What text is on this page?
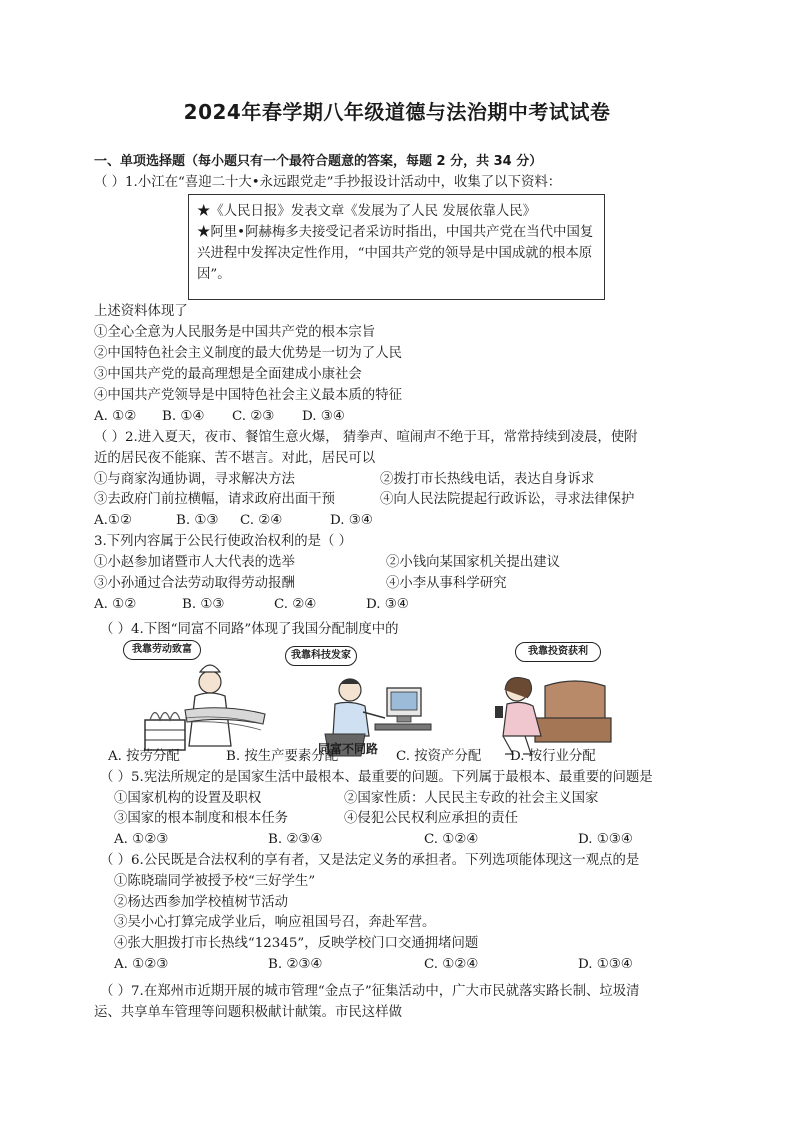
2024年春学期八年级道德与法治期中考试试卷
一、单项选择题（每小题只有一个最符合题意的答案，每题 2 分，共 34 分）
（ ）1.小江在“喜迎二十大•永远跟党走”手抄报设计活动中，收集了以下资料：
★《人民日报》发表文章《发展为了人民 发展依靠人民》
★阿里•阿赫梅多夫接受记者采访时指出，中国共产党在当代中国复兴进程中发挥决定性作用，“中国共产党的领导是中国成就的根本原因”。
上述资料体现了
①全心全意为人民服务是中国共产党的根本宗旨
②中国特色社会主义制度的最大优势是一切为了人民
③中国共产党的最高理想是全面建成小康社会
④中国共产党领导是中国特色社会主义最本质的特征
A. ①② B. ①④ C. ②③ D. ③④
（ ）2.进入夏天，夜市、餐馆生意火爆， 猜拳声、喧闹声不绝于耳，常常持续到凌晨，使附
近的居民夜不能寐、苦不堪言。对此，居民可以
①与商家沟通协调，寻求解决方法	②拨打市长热线电话，表达自身诉求
③去政府门前拉横幅，请求政府出面干预	④向人民法院提起行政诉讼，寻求法律保护
A.①②	B. ①③ C. ②④	D. ③④
3.下列内容属于公民行使政治权利的是（ ）
①小赵参加诸暨市人大代表的选举	②小钱向某国家机关提出建议
③小孙通过合法劳动取得劳动报酬	④小李从事科学研究
A. ①②	B. ①③	C. ②④	D. ③④
（ ）4.下图“同富不同路”体现了我国分配制度中的
我靠劳动致富
我靠科技发家	我靠投资获利
同富不同路
A. 按劳分配	B. 按生产要素分配	C. 按资产分配 D. 按行业分配
（ ）5.宪法所规定的是国家生活中最根本、最重要的问题。下列属于最根本、最重要的问题是
①国家机构的设置及职权	②国家性质：人民民主专政的社会主义国家
③国家的根本制度和根本任务	④侵犯公民权利应承担的责任
A. ①②③	B. ②③④	C. ①②④	D. ①③④
（ ）6.公民既是合法权利的享有者，又是法定义务的承担者。下列选项能体现这一观点的是
①陈晓瑞同学被授予校“三好学生”
②杨达西参加学校植树节活动
③吴小心打算完成学业后，响应祖国号召，奔赴军营。
④张大胆拨打市长热线“12345”，反映学校门口交通拥堵问题
A. ①②③	B. ②③④	C. ①②④	D. ①③④
（ ）7.在郑州市近期开展的城市管理“金点子”征集活动中，广大市民就落实路长制、垃圾清
运、共享单车管理等问题积极献计献策。市民这样做
